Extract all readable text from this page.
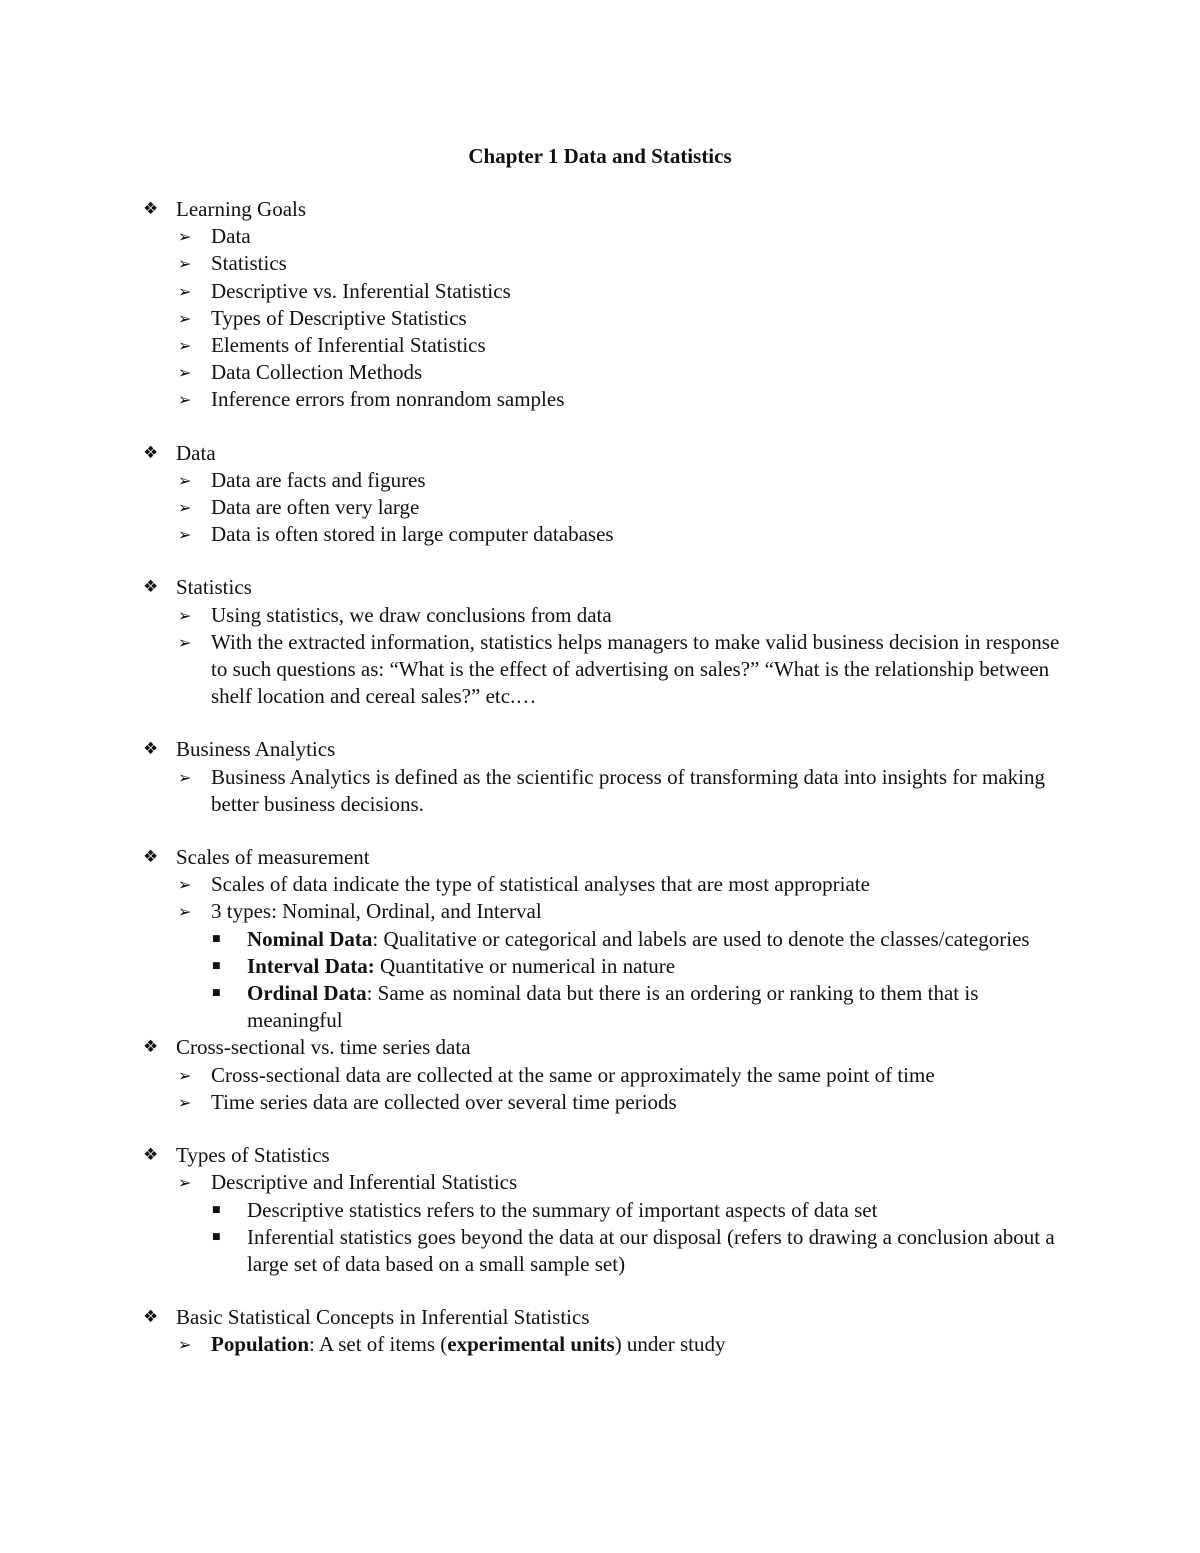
Chapter 1 Data and Statistics
❖ Learning Goals
➢ Data
➢ Statistics
➢ Descriptive vs. Inferential Statistics
➢ Types of Descriptive Statistics
➢ Elements of Inferential Statistics
➢ Data Collection Methods
➢ Inference errors from nonrandom samples
❖ Data
➢ Data are facts and figures
➢ Data are often very large
➢ Data is often stored in large computer databases
❖ Statistics
➢ Using statistics, we draw conclusions from data
➢ With the extracted information, statistics helps managers to make valid business decision in response to such questions as: “What is the effect of advertising on sales?” “What is the relationship between shelf location and cereal sales?” etc.…
❖ Business Analytics
➢ Business Analytics is defined as the scientific process of transforming data into insights for making better business decisions.
❖ Scales of measurement
➢ Scales of data indicate the type of statistical analyses that are most appropriate
➢ 3 types: Nominal, Ordinal, and Interval
■ Nominal Data: Qualitative or categorical and labels are used to denote the classes/categories
■ Interval Data: Quantitative or numerical in nature
■ Ordinal Data: Same as nominal data but there is an ordering or ranking to them that is meaningful
❖ Cross-sectional vs. time series data
➢ Cross-sectional data are collected at the same or approximately the same point of time
➢ Time series data are collected over several time periods
❖ Types of Statistics
➢ Descriptive and Inferential Statistics
■ Descriptive statistics refers to the summary of important aspects of data set
■ Inferential statistics goes beyond the data at our disposal (refers to drawing a conclusion about a large set of data based on a small sample set)
❖ Basic Statistical Concepts in Inferential Statistics
➢ Population: A set of items (experimental units) under study
